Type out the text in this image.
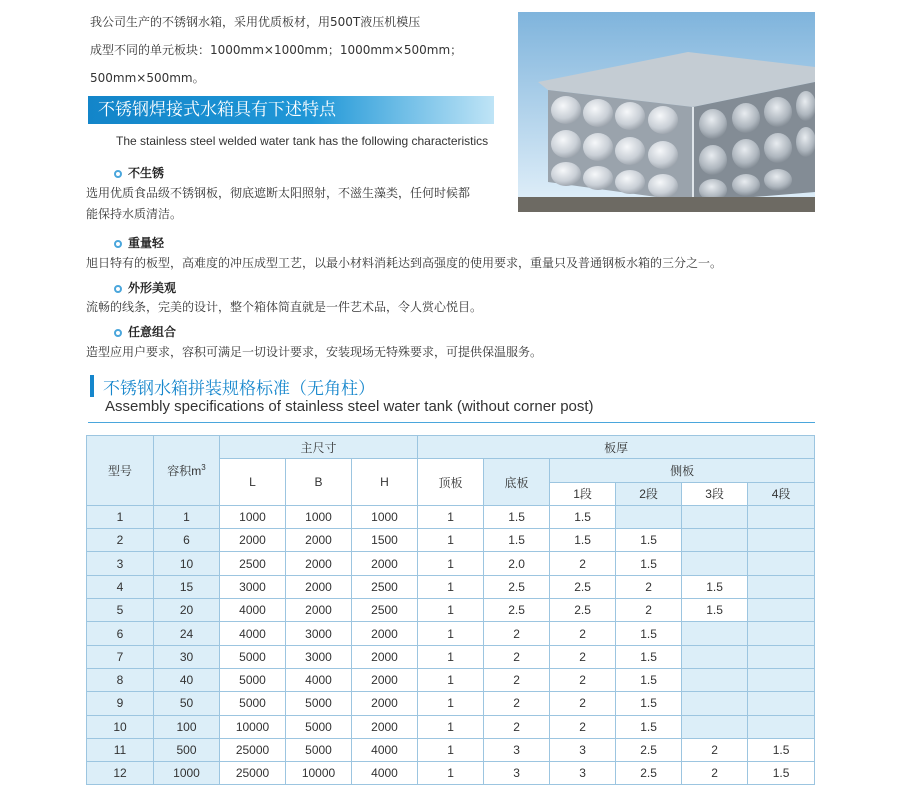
我公司生产的不锈钢水箱，采用优质板材，用500T液压机模压

成型不同的单元板块：1000mm×1000mm；1000mm×500mm；

500mm×500mm。

不锈钢焊接式水箱具有下述特点
The stainless steel welded water tank has the following characteristics
不生锈
选用优质食品级不锈钢板，彻底遮断太阳照射，不滋生藻类，任何时候都
能保持水质清洁。
重量轻
旭日特有的板型，高难度的冲压成型工艺，以最小材料消耗达到高强度的使用要求，重量只及普通钢板水箱的三分之一。
外形美观
流畅的线条，完美的设计，整个箱体简直就是一件艺术品，令人赏心悦目。
任意组合
造型应用户要求，容积可满足一切设计要求，安装现场无特殊要求，可提供保温服务。
不锈钢水箱拼装规格标准（无角柱）
Assembly specifications of stainless steel water tank (without corner post)
型号	容积$m^3$	主尺寸			板厚					
		L	B	H	顶板	底板	侧板			
							1段	2段	3段	4段
1	1	1000	1000	1000	1	1.5	1.5			
2	6	2000	2000	1500	1	1.5	1.5	1.5		
3	10	2500	2000	2000	1	2.0	2	1.5		
4	15	3000	2000	2500	1	2.5	2.5	2	1.5	
5	20	4000	2000	2500	1	2.5	2.5	2	1.5	
6	24	4000	3000	2000	1	2	2	1.5		
7	30	5000	3000	2000	1	2	2	1.5		
8	40	5000	4000	2000	1	2	2	1.5		
9	50	5000	5000	2000	1	2	2	1.5		
10	100	10000	5000	2000	1	2	2	1.5		
11	500	25000	5000	4000	1	3	3	2.5	2	1.5
12	1000	25000	10000	4000	1	3	3	2.5	2	1.5
